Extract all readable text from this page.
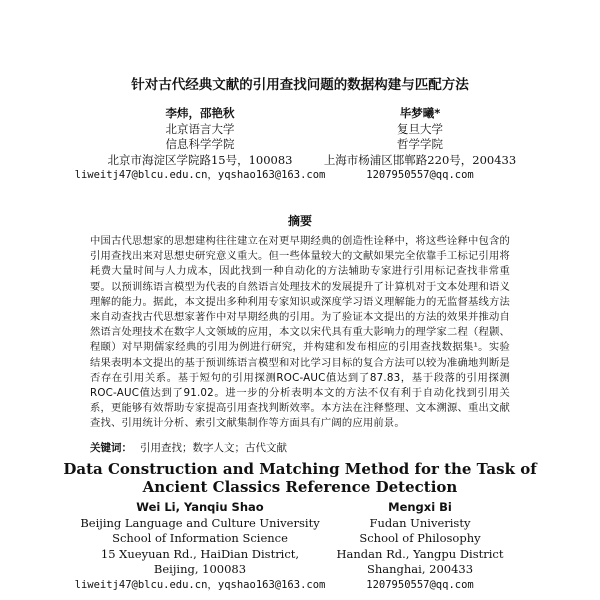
针对古代经典文献的引用查找问题的数据构建与匹配方法
李炜，邵艳秋
北京语言大学
信息科学学院
北京市海淀区学院路15号，100083
liweitj47@blcu.edu.cn，yqshao163@163.com
毕梦曦*
复旦大学
哲学学院
上海市杨浦区邯郸路220号，200433
1207950557@qq.com
摘要
中国古代思想家的思想建构往往建立在对更早期经典的创造性诠释中，将这些诠释中包含的引用查找出来对思想史研究意义重大。但一些体量较大的文献如果完全依靠手工标记引用将耗费大量时间与人力成本，因此找到一种自动化的方法辅助专家进行引用标记查找非常重要。以预训练语言模型为代表的自然语言处理技术的发展提升了计算机对于文本处理和语义理解的能力。据此，本文提出多种利用专家知识或深度学习语义理解能力的无监督基线方法来自动查找古代思想家著作中对早期经典的引用。为了验证本文提出的方法的效果并推动自然语言处理技术在数字人文领域的应用，本文以宋代具有重大影响力的理学家二程（程颢、程颐）对早期儒家经典的引用为例进行研究，并构建和发布相应的引用查找数据集¹。实验结果表明本文提出的基于预训练语言模型和对比学习目标的复合方法可以较为准确地判断是否存在引用关系。基于短句的引用探测ROC-AUC值达到了87.83，基于段落的引用探测ROC-AUC值达到了91.02。进一步的分析表明本文的方法不仅有利于自动化找到引用关系，更能够有效帮助专家提高引用查找判断效率。本方法在注释整理、文本溯源、重出文献查找、引用统计分析、索引文献集制作等方面具有广阔的应用前景。
关键词： 引用查找；数字人文；古代文献
Data Construction and Matching Method for the Task of
Ancient Classics Reference Detection
Wei Li, Yanqiu Shao
Beijing Language and Culture University
School of Information Science
15 Xueyuan Rd., HaiDian District,
Beijing, 100083
liweitj47@blcu.edu.cn，yqshao163@163.com
Mengxi Bi
Fudan Univeristy
School of Philosophy
Handan Rd., Yangpu District
Shanghai, 200433
1207950557@qq.com
